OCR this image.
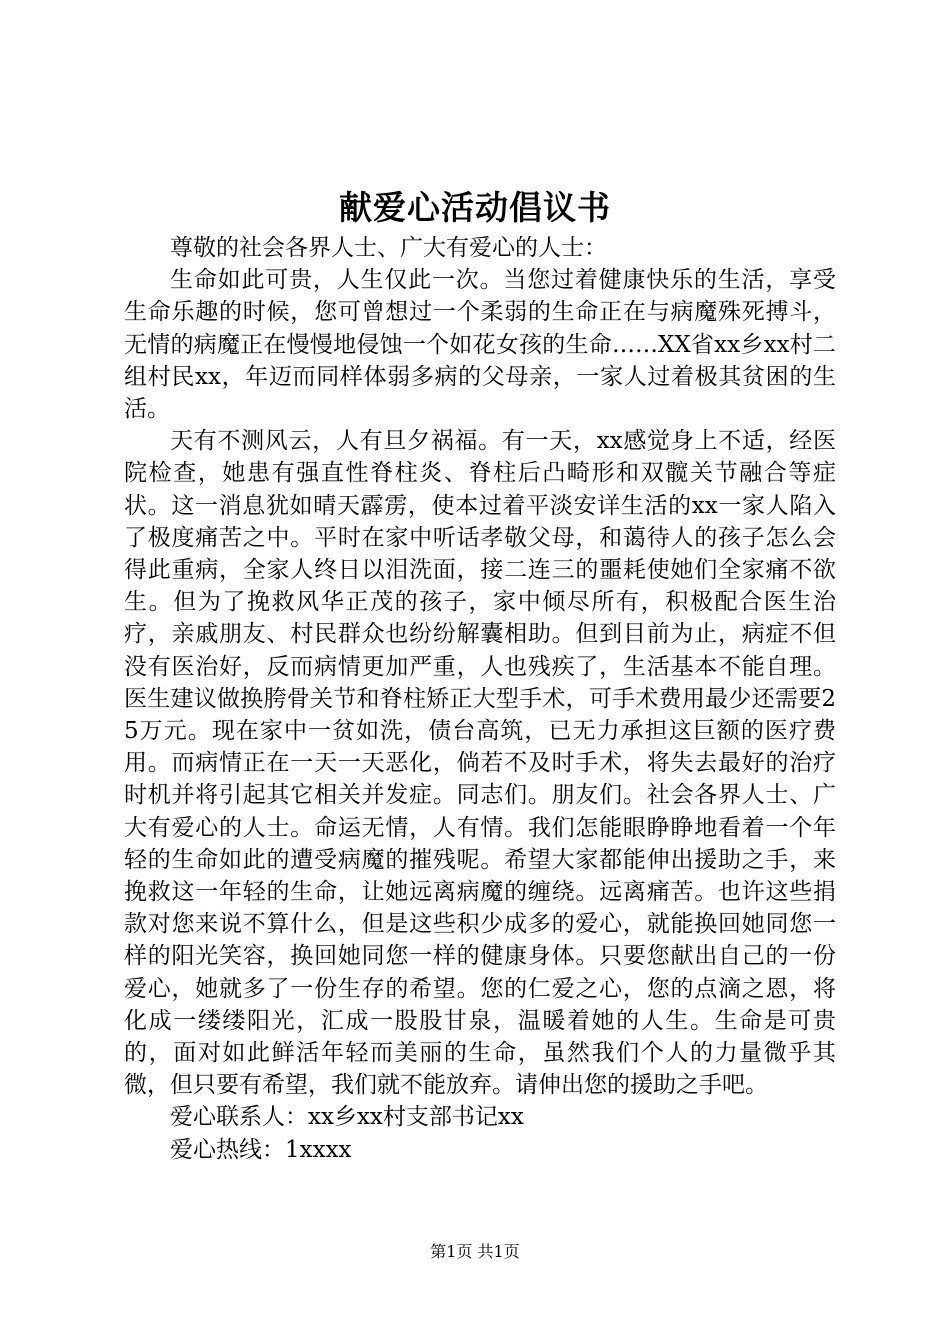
献爱心活动倡议书

尊敬的社会各界人士、广大有爱心的人士：

生命如此可贵，人生仅此一次。当您过着健康快乐的生活，享受生命乐趣的时候，您可曾想过一个柔弱的生命正在与病魔殊死搏斗，无情的病魔正在慢慢地侵蚀一个如花女孩的生命……XX省xx乡xx村二组村民xx，年迈而同样体弱多病的父母亲，一家人过着极其贫困的生活。

天有不测风云，人有旦夕祸福。有一天，xx感觉身上不适，经医院检查，她患有强直性脊柱炎、脊柱后凸畸形和双髋关节融合等症状。这一消息犹如晴天霹雳，使本过着平淡安详生活的xx一家人陷入了极度痛苦之中。平时在家中听话孝敬父母，和蔼待人的孩子怎么会得此重病，全家人终日以泪洗面，接二连三的噩耗使她们全家痛不欲生。但为了挽救风华正茂的孩子，家中倾尽所有，积极配合医生治疗，亲戚朋友、村民群众也纷纷解囊相助。但到目前为止，病症不但没有医治好，反而病情更加严重，人也残疾了，生活基本不能自理。医生建议做换胯骨关节和脊柱矫正大型手术，可手术费用最少还需要25万元。现在家中一贫如洗，债台高筑，已无力承担这巨额的医疗费用。而病情正在一天一天恶化，倘若不及时手术，将失去最好的治疗时机并将引起其它相关并发症。同志们。朋友们。社会各界人士、广大有爱心的人士。命运无情，人有情。我们怎能眼睁睁地看着一个年轻的生命如此的遭受病魔的摧残呢。希望大家都能伸出援助之手，来挽救这一年轻的生命，让她远离病魔的缠绕。远离痛苦。也许这些捐款对您来说不算什么，但是这些积少成多的爱心，就能换回她同您一样的阳光笑容，换回她同您一样的健康身体。只要您献出自己的一份爱心，她就多了一份生存的希望。您的仁爱之心，您的点滴之恩，将化成一缕缕阳光，汇成一股股甘泉，温暖着她的人生。生命是可贵的，面对如此鲜活年轻而美丽的生命，虽然我们个人的力量微乎其微，但只要有希望，我们就不能放弃。请伸出您的援助之手吧。

爱心联系人：xx乡xx村支部书记xx

爱心热线：1xxxx

第1页 共1页
